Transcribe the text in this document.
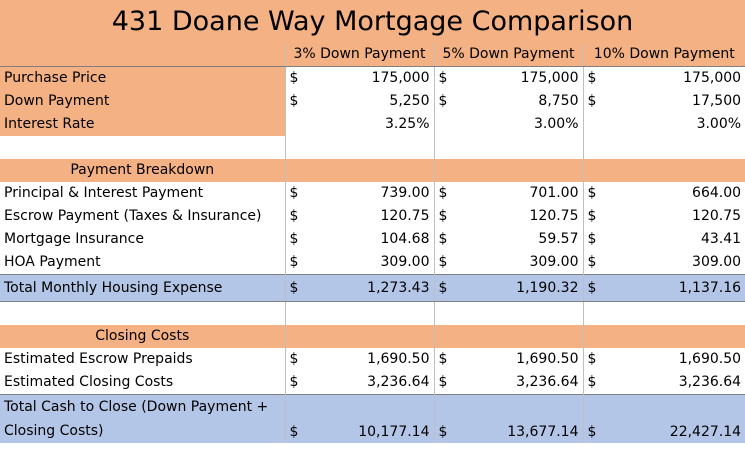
431 Doane Way Mortgage Comparison						
	3% Down Payment		5% Down Payment		10% Down Payment	
Purchase Price	$	175,000	$	175,000	$	175,000
Down Payment	$	5,250	$	8,750	$	17,500
Interest Rate		3.25%		3.00%		3.00%

Payment Breakdown						
Principal & Interest Payment	$	739.00	$	701.00	$	664.00
Escrow Payment (Taxes & Insurance)	$	120.75	$	120.75	$	120.75
Mortgage Insurance	$	104.68	$	59.57	$	43.41
HOA Payment	$	309.00	$	309.00	$	309.00
Total Monthly Housing Expense	$	1,273.43	$	1,190.32	$	1,137.16

Closing Costs						
Estimated Escrow Prepaids	$	1,690.50	$	1,690.50	$	1,690.50
Estimated Closing Costs	$	3,236.64	$	3,236.64	$	3,236.64
Total Cash to Close (Down Payment + Closing Costs)	$	10,177.14	$	13,677.14	$	22,427.14
